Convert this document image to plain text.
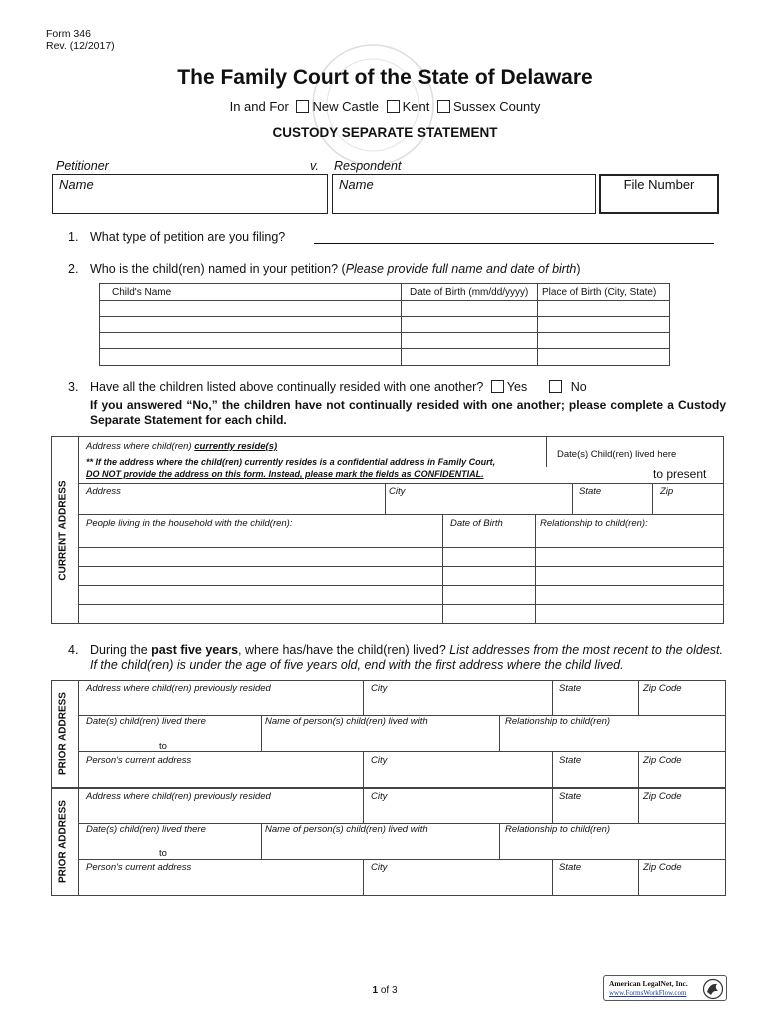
Form 346
Rev. (12/2017)
The Family Court of the State of Delaware
In and For New Castle Kent Sussex County
CUSTODY SEPARATE STATEMENT
Petitioner	v. Respondent
Name	Name	File Number
1. What type of petition are you filing?
2. Who is the child(ren) named in your petition? (Please provide full name and date of birth)
Child's Name	Date of Birth (mm/dd/yyyy) Place of Birth (City, State)
3. Have all the children listed above continually resided with one another? Yes	No
If you answered “No,” the children have not continually resided with one another; please complete a Custody Separate Statement for each child.
CURRENT ADDRESS
Address where child(ren) currently reside(s)
** If the address where the child(ren) currently resides is a confidential address in Family Court,
DO NOT provide the address on this form. Instead, please mark the fields as CONFIDENTIAL.
Date(s) Child(ren) lived here
to present
Address	City	State	Zip
People living in the household with the child(ren):	Date of Birth	Relationship to child(ren):
4. During the past five years, where has/have the child(ren) lived? List addresses from the most recent to the oldest.
If the child(ren) is under the age of five years old, end with the first address where the child lived.
PRIOR ADDRESS
Address where child(ren) previously resided	City	State	Zip Code
Date(s) child(ren) lived there
to
Name of person(s) child(ren) lived with	Relationship to child(ren)
Person's current address	City	State	Zip Code
PRIOR ADDRESS
Address where child(ren) previously resided	City	State	Zip Code
Date(s) child(ren) lived there
to
Name of person(s) child(ren) lived with	Relationship to child(ren)
Person's current address	City	State	Zip Code
1 of 3
American LegalNet, Inc.
www.FormsWorkFlow.com
